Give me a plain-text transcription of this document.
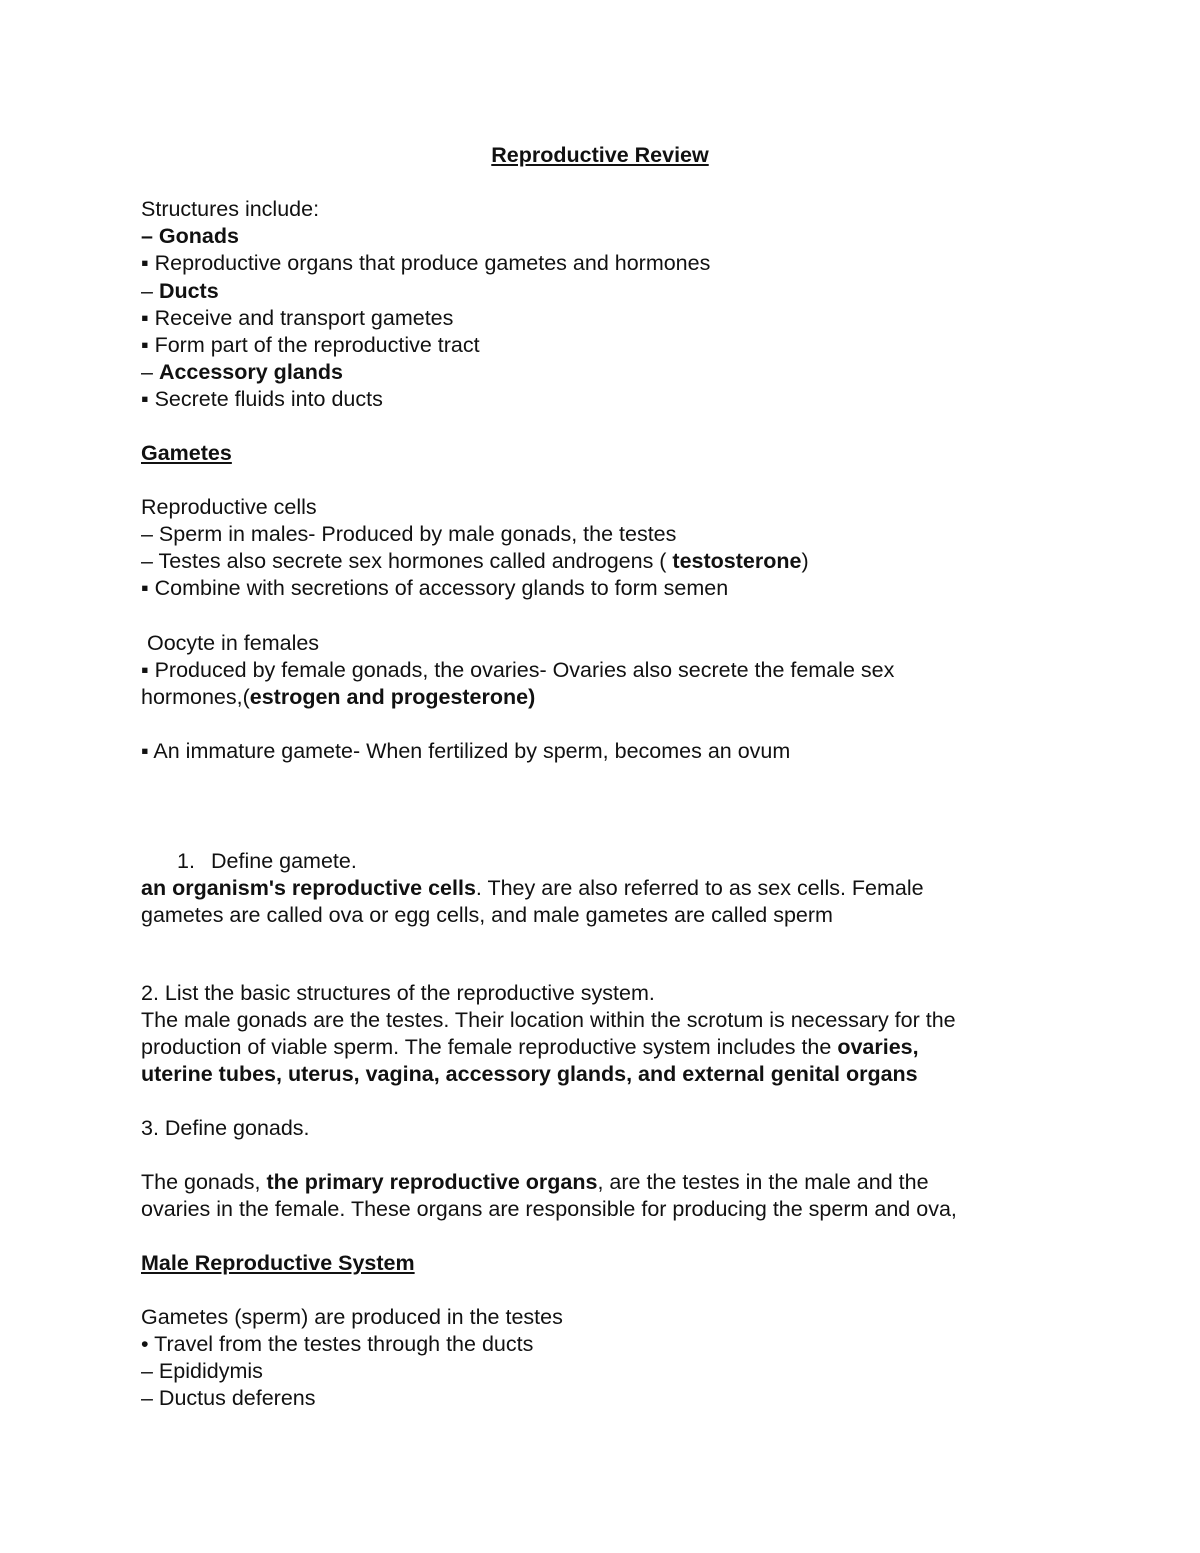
Reproductive Review

Structures include:

– Gonads

▪ Reproductive organs that produce gametes and hormones

– Ducts

▪ Receive and transport gametes

▪ Form part of the reproductive tract

– Accessory glands

▪ Secrete fluids into ducts

Gametes

Reproductive cells

– Sperm in males- Produced by male gonads, the testes

– Testes also secrete sex hormones called androgens ( testosterone)

▪ Combine with secretions of accessory glands to form semen

Oocyte in females

▪ Produced by female gonads, the ovaries- Ovaries also secrete the female sex

hormones,(estrogen and progesterone)

▪ An immature gamete- When fertilized by sperm, becomes an ovum

1. Define gamete.

an organism's reproductive cells. They are also referred to as sex cells. Female

gametes are called ova or egg cells, and male gametes are called sperm

2. List the basic structures of the reproductive system.

The male gonads are the testes. Their location within the scrotum is necessary for the

production of viable sperm. The female reproductive system includes the ovaries,

uterine tubes, uterus, vagina, accessory glands, and external genital organs

3. Define gonads.

The gonads, the primary reproductive organs, are the testes in the male and the

ovaries in the female. These organs are responsible for producing the sperm and ova,

Male Reproductive System

Gametes (sperm) are produced in the testes

• Travel from the testes through the ducts

– Epididymis

– Ductus deferens
